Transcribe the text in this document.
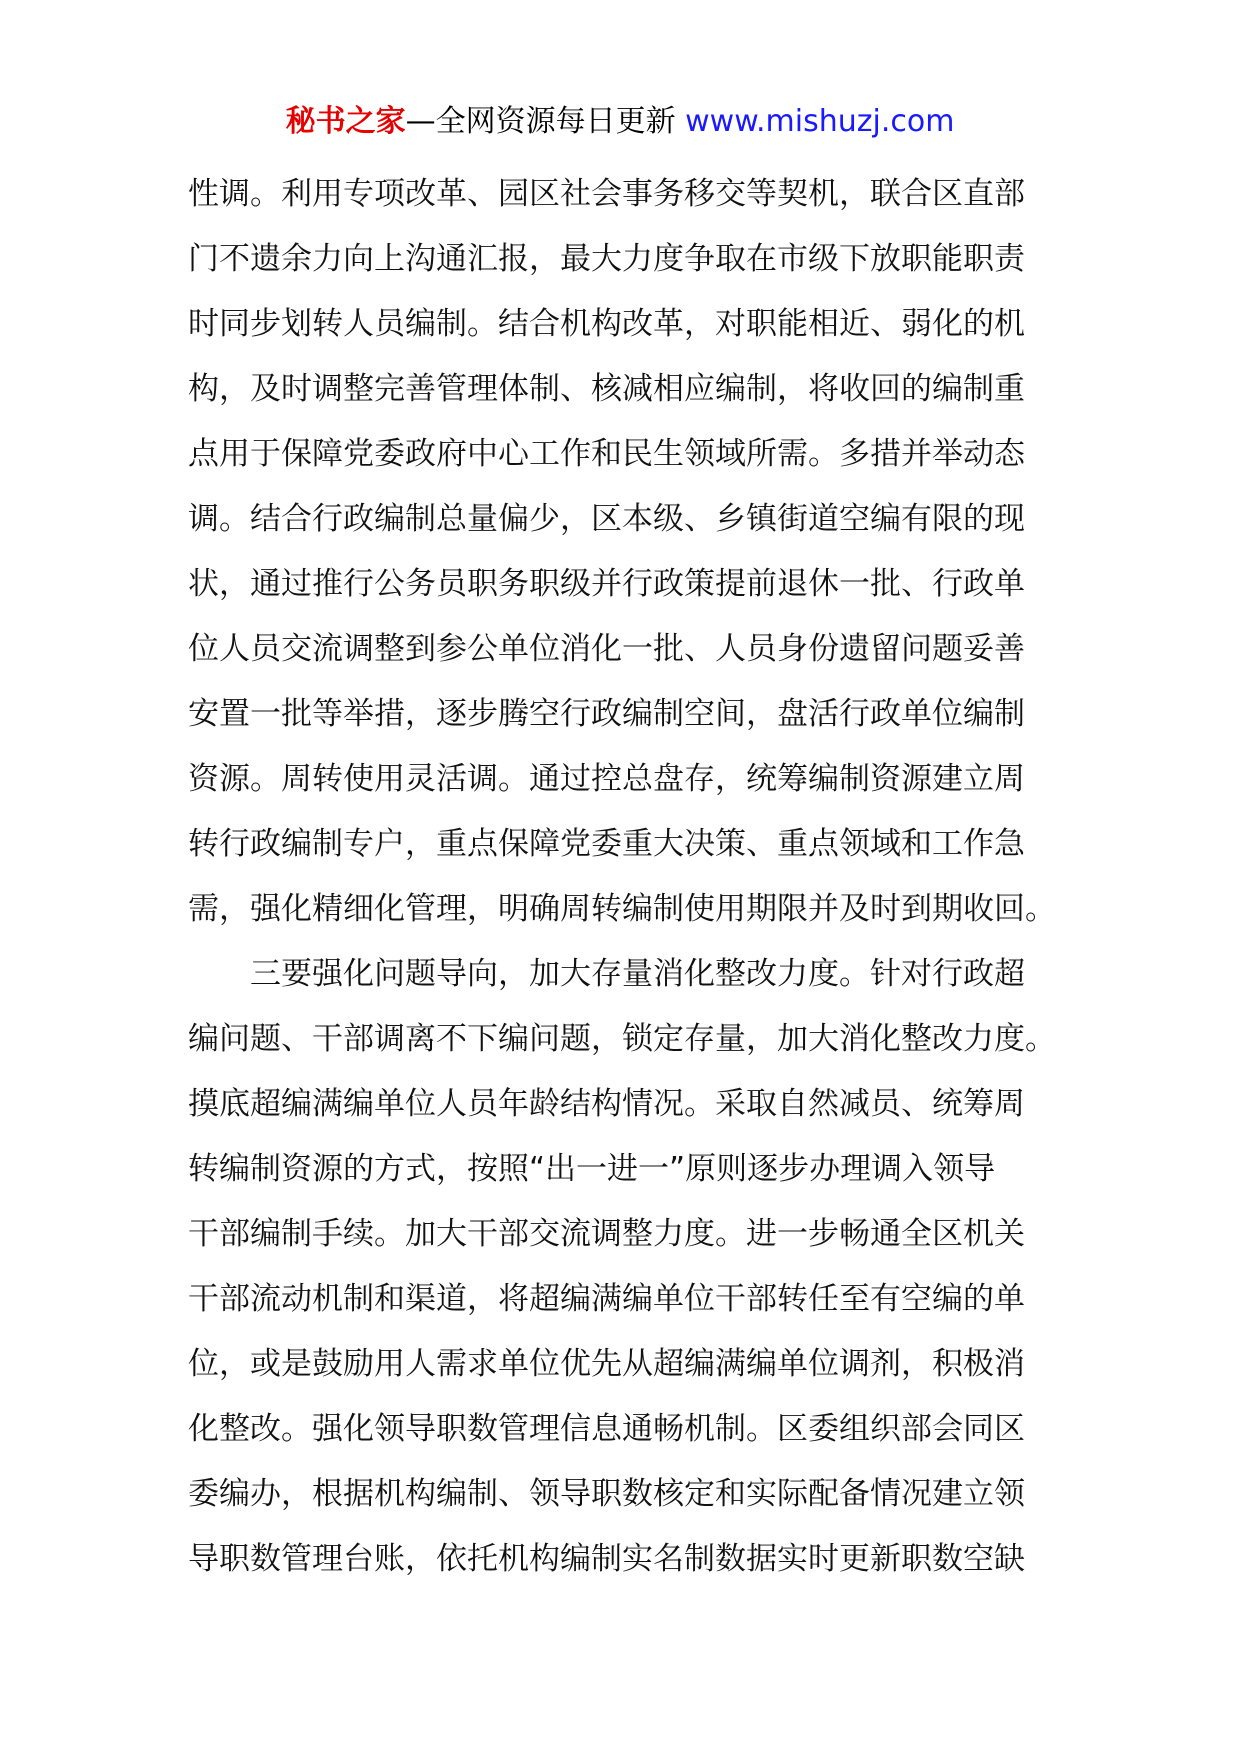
秘书之家—全网资源每日更新 www.mishuzj.com
性调。利用专项改革、园区社会事务移交等契机，联合区直部
门不遗余力向上沟通汇报，最大力度争取在市级下放职能职责
时同步划转人员编制。结合机构改革，对职能相近、弱化的机
构，及时调整完善管理体制、核减相应编制，将收回的编制重
点用于保障党委政府中心工作和民生领域所需。多措并举动态
调。结合行政编制总量偏少，区本级、乡镇街道空编有限的现
状，通过推行公务员职务职级并行政策提前退休一批、行政单
位人员交流调整到参公单位消化一批、人员身份遗留问题妥善
安置一批等举措，逐步腾空行政编制空间，盘活行政单位编制
资源。周转使用灵活调。通过控总盘存，统筹编制资源建立周
转行政编制专户，重点保障党委重大决策、重点领域和工作急
需，强化精细化管理，明确周转编制使用期限并及时到期收回。
三要强化问题导向，加大存量消化整改力度。针对行政超
编问题、干部调离不下编问题，锁定存量，加大消化整改力度。
摸底超编满编单位人员年龄结构情况。采取自然减员、统筹周
转编制资源的方式，按照“出一进一”原则逐步办理调入领导
干部编制手续。加大干部交流调整力度。进一步畅通全区机关
干部流动机制和渠道，将超编满编单位干部转任至有空编的单
位，或是鼓励用人需求单位优先从超编满编单位调剂，积极消
化整改。强化领导职数管理信息通畅机制。区委组织部会同区
委编办，根据机构编制、领导职数核定和实际配备情况建立领
导职数管理台账，依托机构编制实名制数据实时更新职数空缺
